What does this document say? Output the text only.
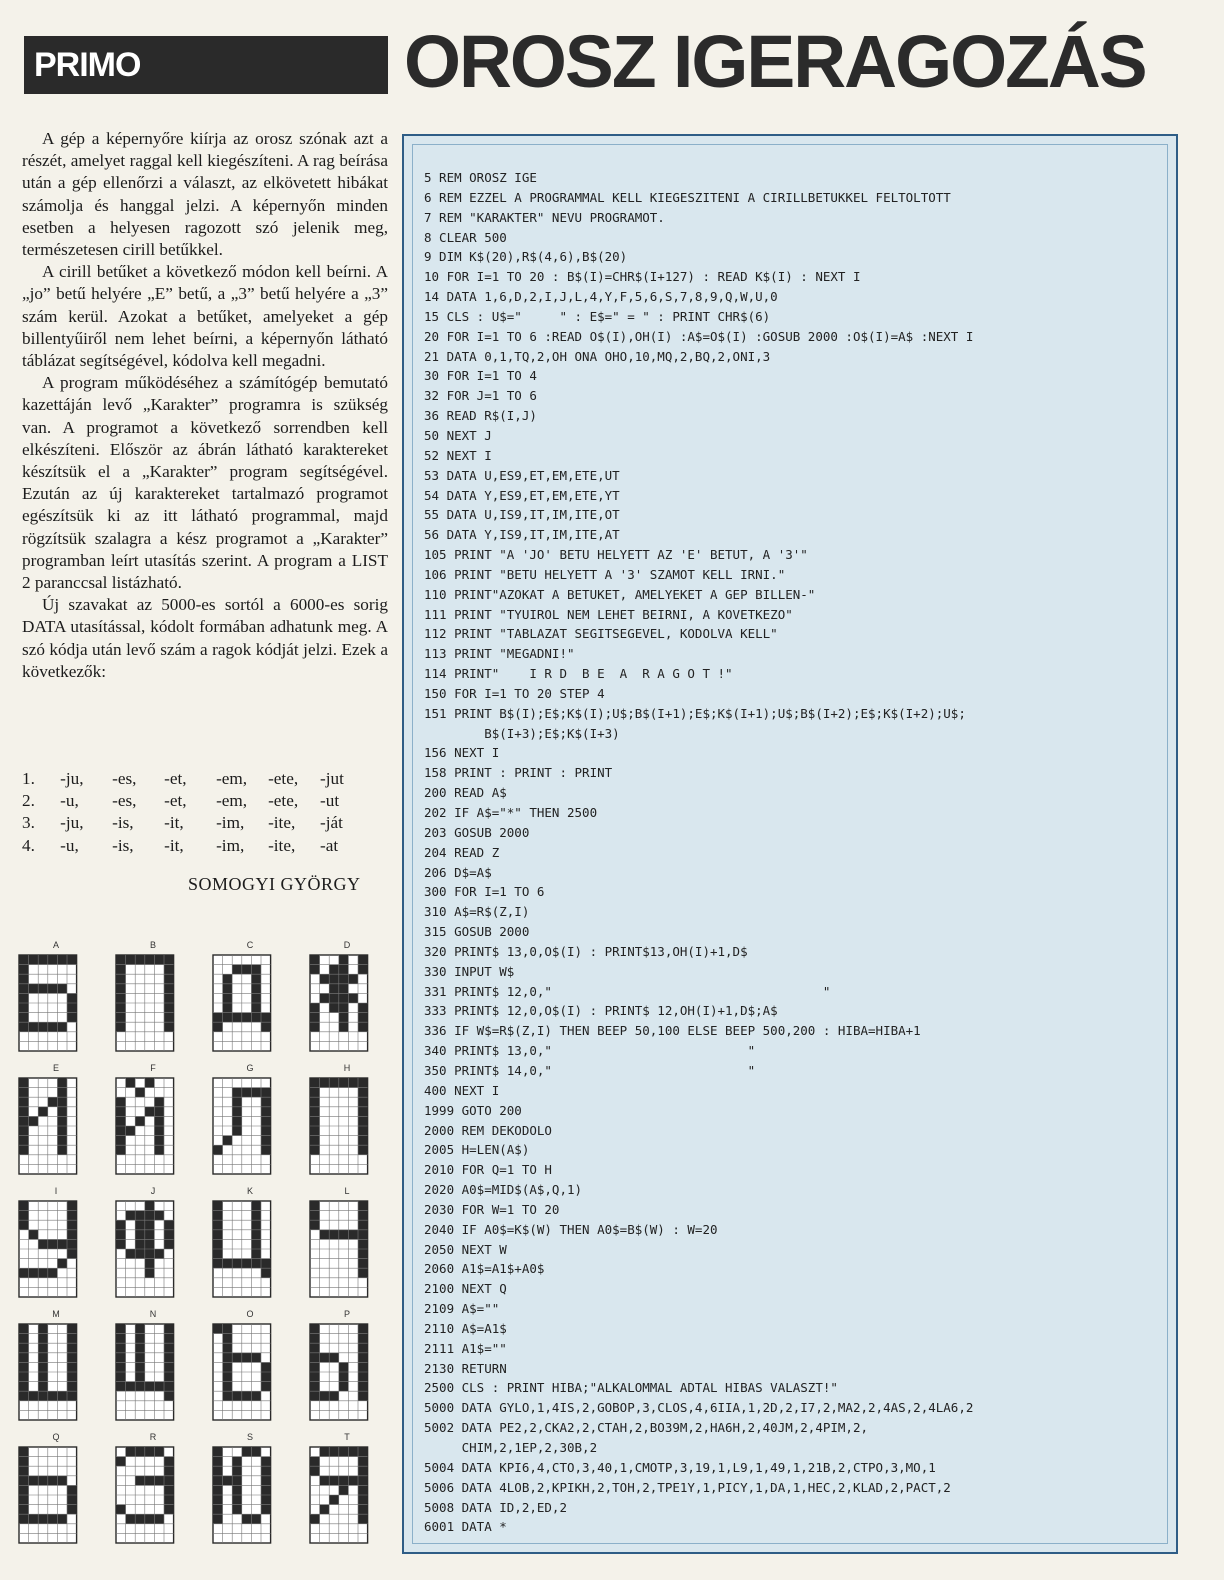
PRIMO	OROSZ IGERAGOZÁS

A gép a képernyőre kiírja az orosz szónak azt a részét, amelyet raggal kell kiegészíteni. A rag beírása után a gép ellenőrzi a választ, az elkövetett hibákat számolja és hanggal jelzi. A képernyőn minden esetben a helyesen ragozott szó jelenik meg, természetesen cirill betűkkel.

A cirill betűket a következő módon kell beírni. A „jo” betű helyére „E” betű, a „3” betű helyére a „3” szám kerül. Azokat a betűket, amelyeket a gép billentyűiről nem lehet beírni, a képernyőn látható táblázat segítségével, kódolva kell megadni.

A program működéséhez a számítógép bemutató kazettáján levő „Karakter” programra is szükség van. A programot a következő sorrendben kell elkészíteni. Először az ábrán látható karaktereket készítsük el a „Karakter” program segítségével. Ezután az új karaktereket tartalmazó programot egészítsük ki az itt látható programmal, majd rögzítsük szalagra a kész programot a „Karakter” programban leírt utasítás szerint. A program a LIST 2 paranccsal listázható.

Új szavakat az 5000-es sortól a 6000-es sorig DATA utasítással, kódolt formában adhatunk meg. A szó kódja után levő szám a ragok kódját jelzi. Ezek a következők:

1.	-ju,	-es,	-et,	-em,	-ete,	-jut
2.	-u,	-es,	-et,	-em,	-ete,	-ut
3.	-ju,	-is,	-it,	-im,	-ite,	-ját
4.	-u,	-is,	-it,	-im,	-ite,	-at
SOMOGYI GYÖRGY
A	B	C	D
E	F	G	H
I	J	K	L
M	N	O	P
Q	R	S	T
5 REM OROSZ IGE
6 REM EZZEL A PROGRAMMAL KELL KIEGESZITENI A CIRILLBETUKKEL FELTOLTOTT
7 REM "KARAKTER" NEVU PROGRAMOT.
8 CLEAR 500
9 DIM K$(20),R$(4,6),B$(20)
10 FOR I=1 TO 20 : B$(I)=CHR$(I+127) : READ K$(I) : NEXT I
14 DATA 1,6,D,2,I,J,L,4,Y,F,5,6,S,7,8,9,Q,W,U,0
15 CLS : U$="     " : E$=" = " : PRINT CHR$(6)
20 FOR I=1 TO 6 :READ O$(I),OH(I) :A$=O$(I) :GOSUB 2000 :O$(I)=A$ :NEXT I
21 DATA 0,1,TQ,2,OH ONA OHO,10,MQ,2,BQ,2,ONI,3
30 FOR I=1 TO 4
32 FOR J=1 TO 6
36 READ R$(I,J)
50 NEXT J
52 NEXT I
53 DATA U,ES9,ET,EM,ETE,UT
54 DATA Y,ES9,ET,EM,ETE,YT
55 DATA U,IS9,IT,IM,ITE,OT
56 DATA Y,IS9,IT,IM,ITE,AT
105 PRINT "A 'JO' BETU HELYETT AZ 'E' BETUT, A '3'"
106 PRINT "BETU HELYETT A '3' SZAMOT KELL IRNI."
110 PRINT"AZOKAT A BETUKET, AMELYEKET A GEP BILLEN-"
111 PRINT "TYUIROL NEM LEHET BEIRNI, A KOVETKEZO"
112 PRINT "TABLAZAT SEGITSEGEVEL, KODOLVA KELL"
113 PRINT "MEGADNI!"
114 PRINT"    I R D  B E  A  R A G O T !"
150 FOR I=1 TO 20 STEP 4
151 PRINT B$(I);E$;K$(I);U$;B$(I+1);E$;K$(I+1);U$;B$(I+2);E$;K$(I+2);U$;
B$(I+3);E$;K$(I+3)
156 NEXT I
158 PRINT : PRINT : PRINT
200 READ A$
202 IF A$="*" THEN 2500
203 GOSUB 2000
204 READ Z
206 D$=A$
300 FOR I=1 TO 6
310 A$=R$(Z,I)
315 GOSUB 2000
320 PRINT$ 13,0,O$(I) : PRINT$13,OH(I)+1,D$
330 INPUT W$
331 PRINT$ 12,0,"                                    "
333 PRINT$ 12,0,O$(I) : PRINT$ 12,OH(I)+1,D$;A$
336 IF W$=R$(Z,I) THEN BEEP 50,100 ELSE BEEP 500,200 : HIBA=HIBA+1
340 PRINT$ 13,0,"                          "
350 PRINT$ 14,0,"                          "
400 NEXT I
1999 GOTO 200
2000 REM DEKODOLO
2005 H=LEN(A$)
2010 FOR Q=1 TO H
2020 A0$=MID$(A$,Q,1)
2030 FOR W=1 TO 20
2040 IF A0$=K$(W) THEN A0$=B$(W) : W=20
2050 NEXT W
2060 A1$=A1$+A0$
2100 NEXT Q
2109 A$=""
2110 A$=A1$
2111 A1$=""
2130 RETURN
2500 CLS : PRINT HIBA;"ALKALOMMAL ADTAL HIBAS VALASZT!"
5000 DATA GYLO,1,4IS,2,GOBOP,3,CLOS,4,6IIA,1,2D,2,I7,2,MA2,2,4AS,2,4LA6,2
5002 DATA PE2,2,CKA2,2,CTAH,2,BO39M,2,HA6H,2,40JM,2,4PIM,2,
CHIM,2,1EP,2,30B,2
5004 DATA KPI6,4,CTO,3,40,1,CMOTP,3,19,1,L9,1,49,1,21B,2,CTPO,3,MO,1
5006 DATA 4LOB,2,KPIKH,2,TOH,2,TPE1Y,1,PICY,1,DA,1,HEC,2,KLAD,2,PACT,2
5008 DATA ID,2,ED,2
6001 DATA *
